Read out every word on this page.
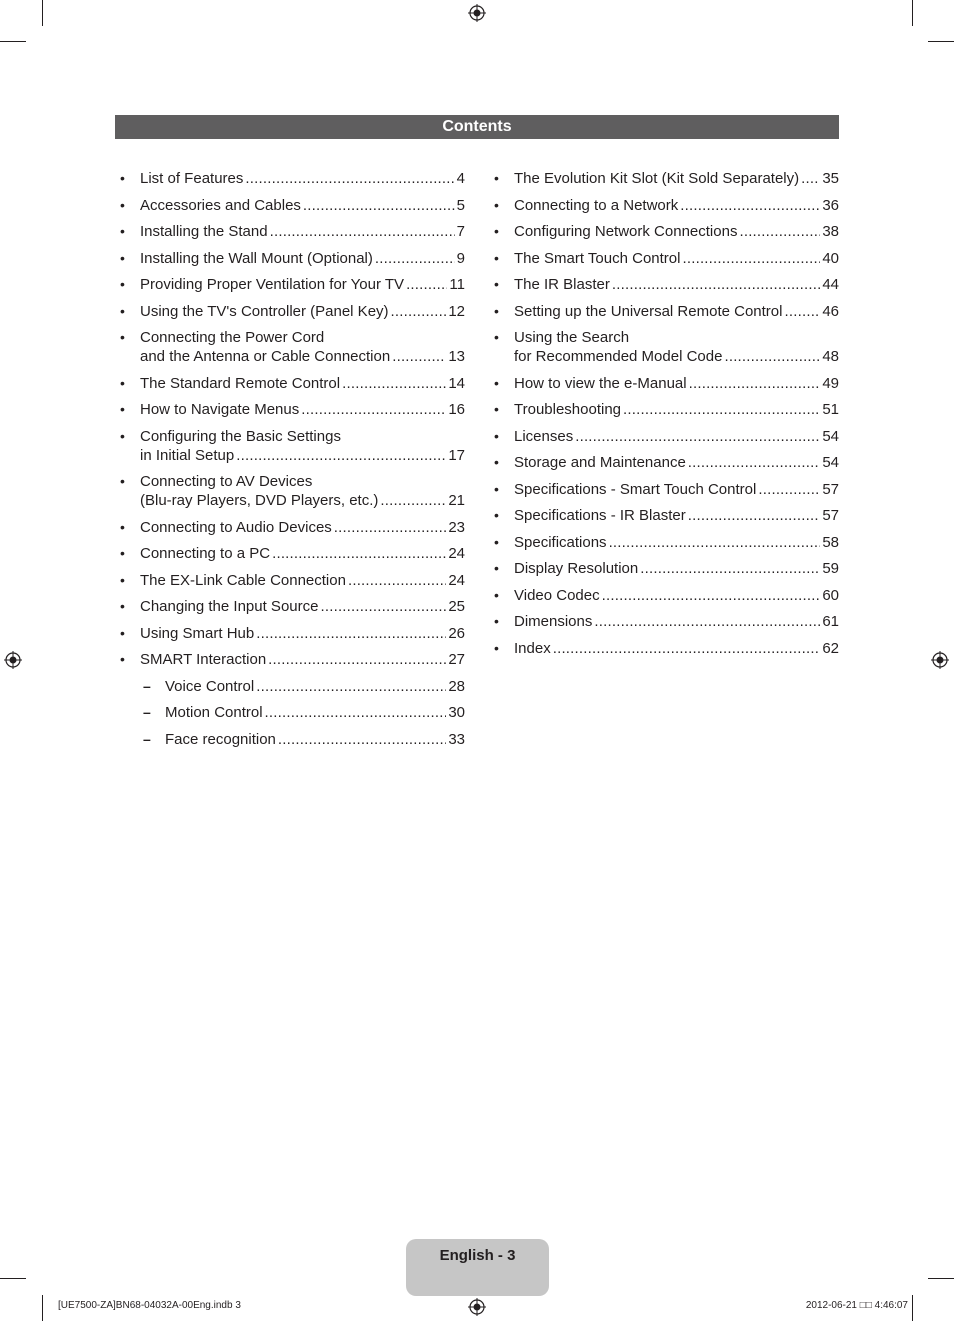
Contents
• List of Features .....	4
• Accessories and Cables .....	5
• Installing the Stand .....	7
• Installing the Wall Mount (Optional) .....	9
• Providing Proper Ventilation for Your TV .....	11
• Using the TV's Controller (Panel Key) .....	12
• Connecting the Power Cord
and the Antenna or Cable Connection .....	13
• The Standard Remote Control .....	14
• How to Navigate Menus .....	16
• Configuring the Basic Settings
in Initial Setup .....	17
• Connecting to AV Devices
(Blu-ray Players, DVD Players, etc.) .....	21
• Connecting to Audio Devices .....	23
• Connecting to a PC .....	24
• The EX-Link Cable Connection .....	24
• Changing the Input Source .....	25
• Using Smart Hub .....	26
• SMART Interaction .....	27
– Voice Control .....	28
– Motion Control .....	30
– Face recognition .....	33
• The Evolution Kit Slot (Kit Sold Separately) ..... 35
• Connecting to a Network .....	36
• Configuring Network Connections .....	38
• The Smart Touch Control .....	40
• The IR Blaster .....	44
• Setting up the Universal Remote Control .....	46
• Using the Search
for Recommended Model Code .....	48
• How to view the e-Manual .....	49
• Troubleshooting .....	51
• Licenses .....	54
• Storage and Maintenance .....	54
• Specifications - Smart Touch Control .....	57
• Specifications - IR Blaster .....	57
• Specifications .....	58
• Display Resolution .....	59
• Video Codec .....	60
• Dimensions .....	61
• Index .....	62
English - 3
[UE7500-ZA]BN68-04032A-00Eng.indb 3	2012-06-21 □□ 4:46:07
